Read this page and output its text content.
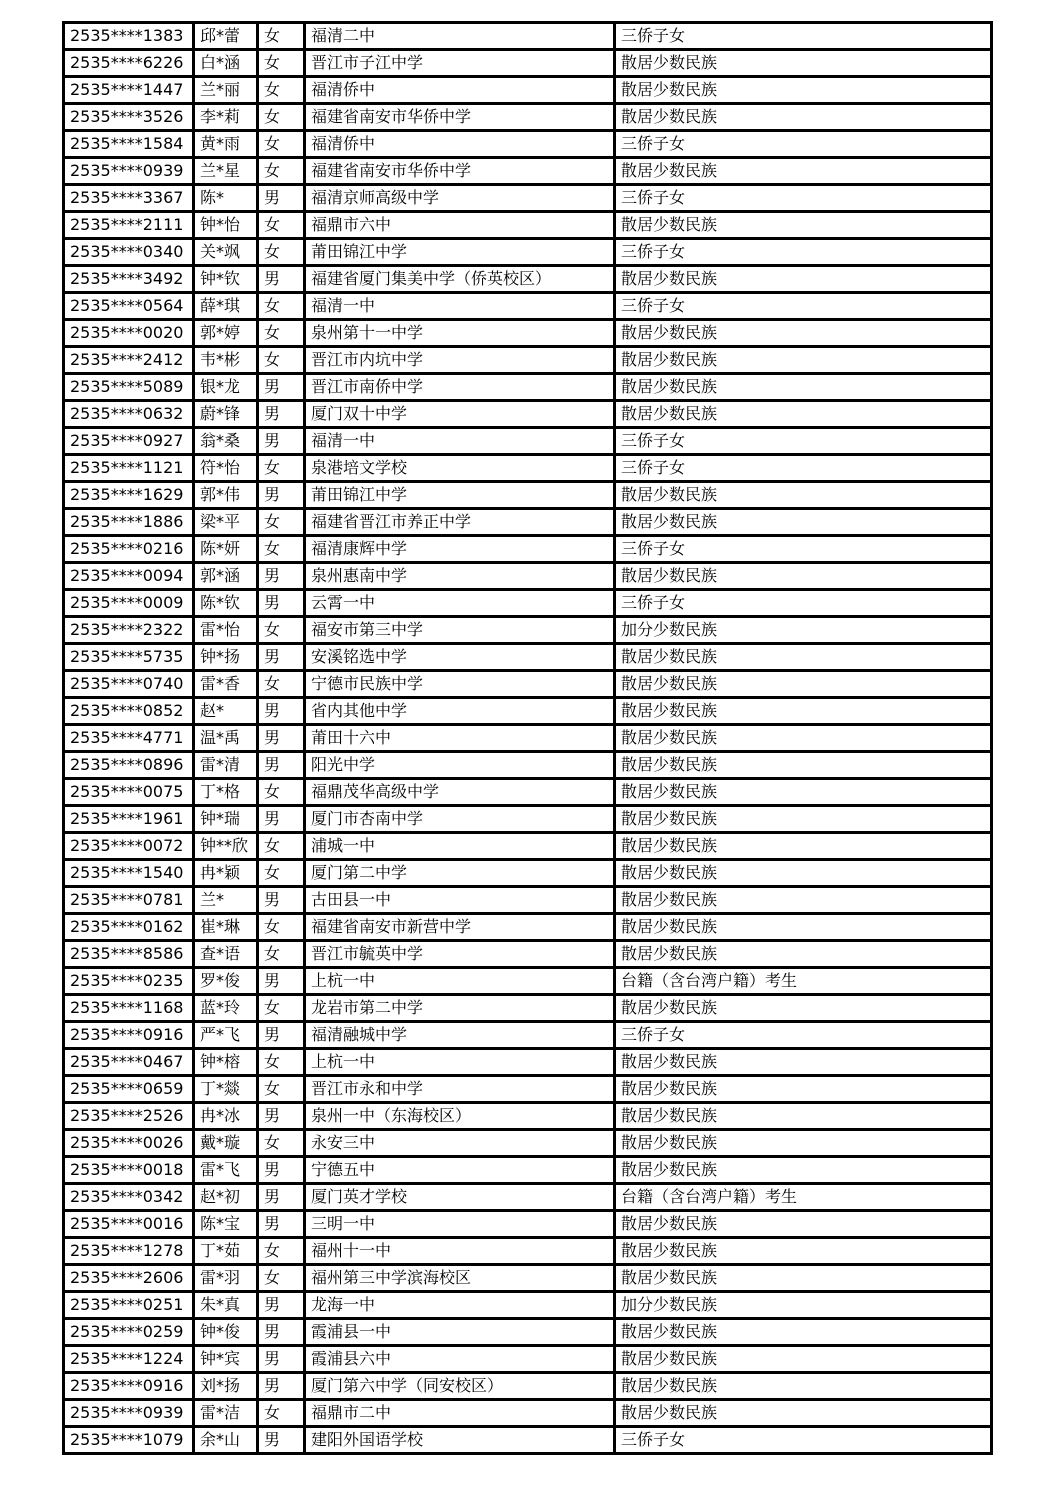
2535****1383	邱*蕾	女	福清二中	三侨子女
2535****6226	白*涵	女	晋江市子江中学	散居少数民族
2535****1447	兰*丽	女	福清侨中	散居少数民族
2535****3526	李*莉	女	福建省南安市华侨中学	散居少数民族
2535****1584	黄*雨	女	福清侨中	三侨子女
2535****0939	兰*星	女	福建省南安市华侨中学	散居少数民族
2535****3367	陈*	男	福清京师高级中学	三侨子女
2535****2111	钟*怡	女	福鼎市六中	散居少数民族
2535****0340	关*飒	女	莆田锦江中学	三侨子女
2535****3492	钟*钦	男	福建省厦门集美中学（侨英校区）	散居少数民族
2535****0564	薛*琪	女	福清一中	三侨子女
2535****0020	郭*婷	女	泉州第十一中学	散居少数民族
2535****2412	韦*彬	女	晋江市内坑中学	散居少数民族
2535****5089	银*龙	男	晋江市南侨中学	散居少数民族
2535****0632	蔚*锋	男	厦门双十中学	散居少数民族
2535****0927	翁*桑	男	福清一中	三侨子女
2535****1121	符*怡	女	泉港培文学校	三侨子女
2535****1629	郭*伟	男	莆田锦江中学	散居少数民族
2535****1886	梁*平	女	福建省晋江市养正中学	散居少数民族
2535****0216	陈*妍	女	福清康辉中学	三侨子女
2535****0094	郭*涵	男	泉州惠南中学	散居少数民族
2535****0009	陈*钦	男	云霄一中	三侨子女
2535****2322	雷*怡	女	福安市第三中学	加分少数民族
2535****5735	钟*扬	男	安溪铭选中学	散居少数民族
2535****0740	雷*香	女	宁德市民族中学	散居少数民族
2535****0852	赵*	男	省内其他中学	散居少数民族
2535****4771	温*禹	男	莆田十六中	散居少数民族
2535****0896	雷*清	男	阳光中学	散居少数民族
2535****0075	丁*格	女	福鼎茂华高级中学	散居少数民族
2535****1961	钟*瑞	男	厦门市杏南中学	散居少数民族
2535****0072	钟**欣	女	浦城一中	散居少数民族
2535****1540	冉*颖	女	厦门第二中学	散居少数民族
2535****0781	兰*	男	古田县一中	散居少数民族
2535****0162	崔*琳	女	福建省南安市新营中学	散居少数民族
2535****8586	查*语	女	晋江市毓英中学	散居少数民族
2535****0235	罗*俊	男	上杭一中	台籍（含台湾户籍）考生
2535****1168	蓝*玲	女	龙岩市第二中学	散居少数民族
2535****0916	严*飞	男	福清融城中学	三侨子女
2535****0467	钟*榕	女	上杭一中	散居少数民族
2535****0659	丁*燚	女	晋江市永和中学	散居少数民族
2535****2526	冉*冰	男	泉州一中（东海校区）	散居少数民族
2535****0026	戴*璇	女	永安三中	散居少数民族
2535****0018	雷*飞	男	宁德五中	散居少数民族
2535****0342	赵*初	男	厦门英才学校	台籍（含台湾户籍）考生
2535****0016	陈*宝	男	三明一中	散居少数民族
2535****1278	丁*茹	女	福州十一中	散居少数民族
2535****2606	雷*羽	女	福州第三中学滨海校区	散居少数民族
2535****0251	朱*真	男	龙海一中	加分少数民族
2535****0259	钟*俊	男	霞浦县一中	散居少数民族
2535****1224	钟*宾	男	霞浦县六中	散居少数民族
2535****0916	刘*扬	男	厦门第六中学（同安校区）	散居少数民族
2535****0939	雷*洁	女	福鼎市二中	散居少数民族
2535****1079	余*山	男	建阳外国语学校	三侨子女
